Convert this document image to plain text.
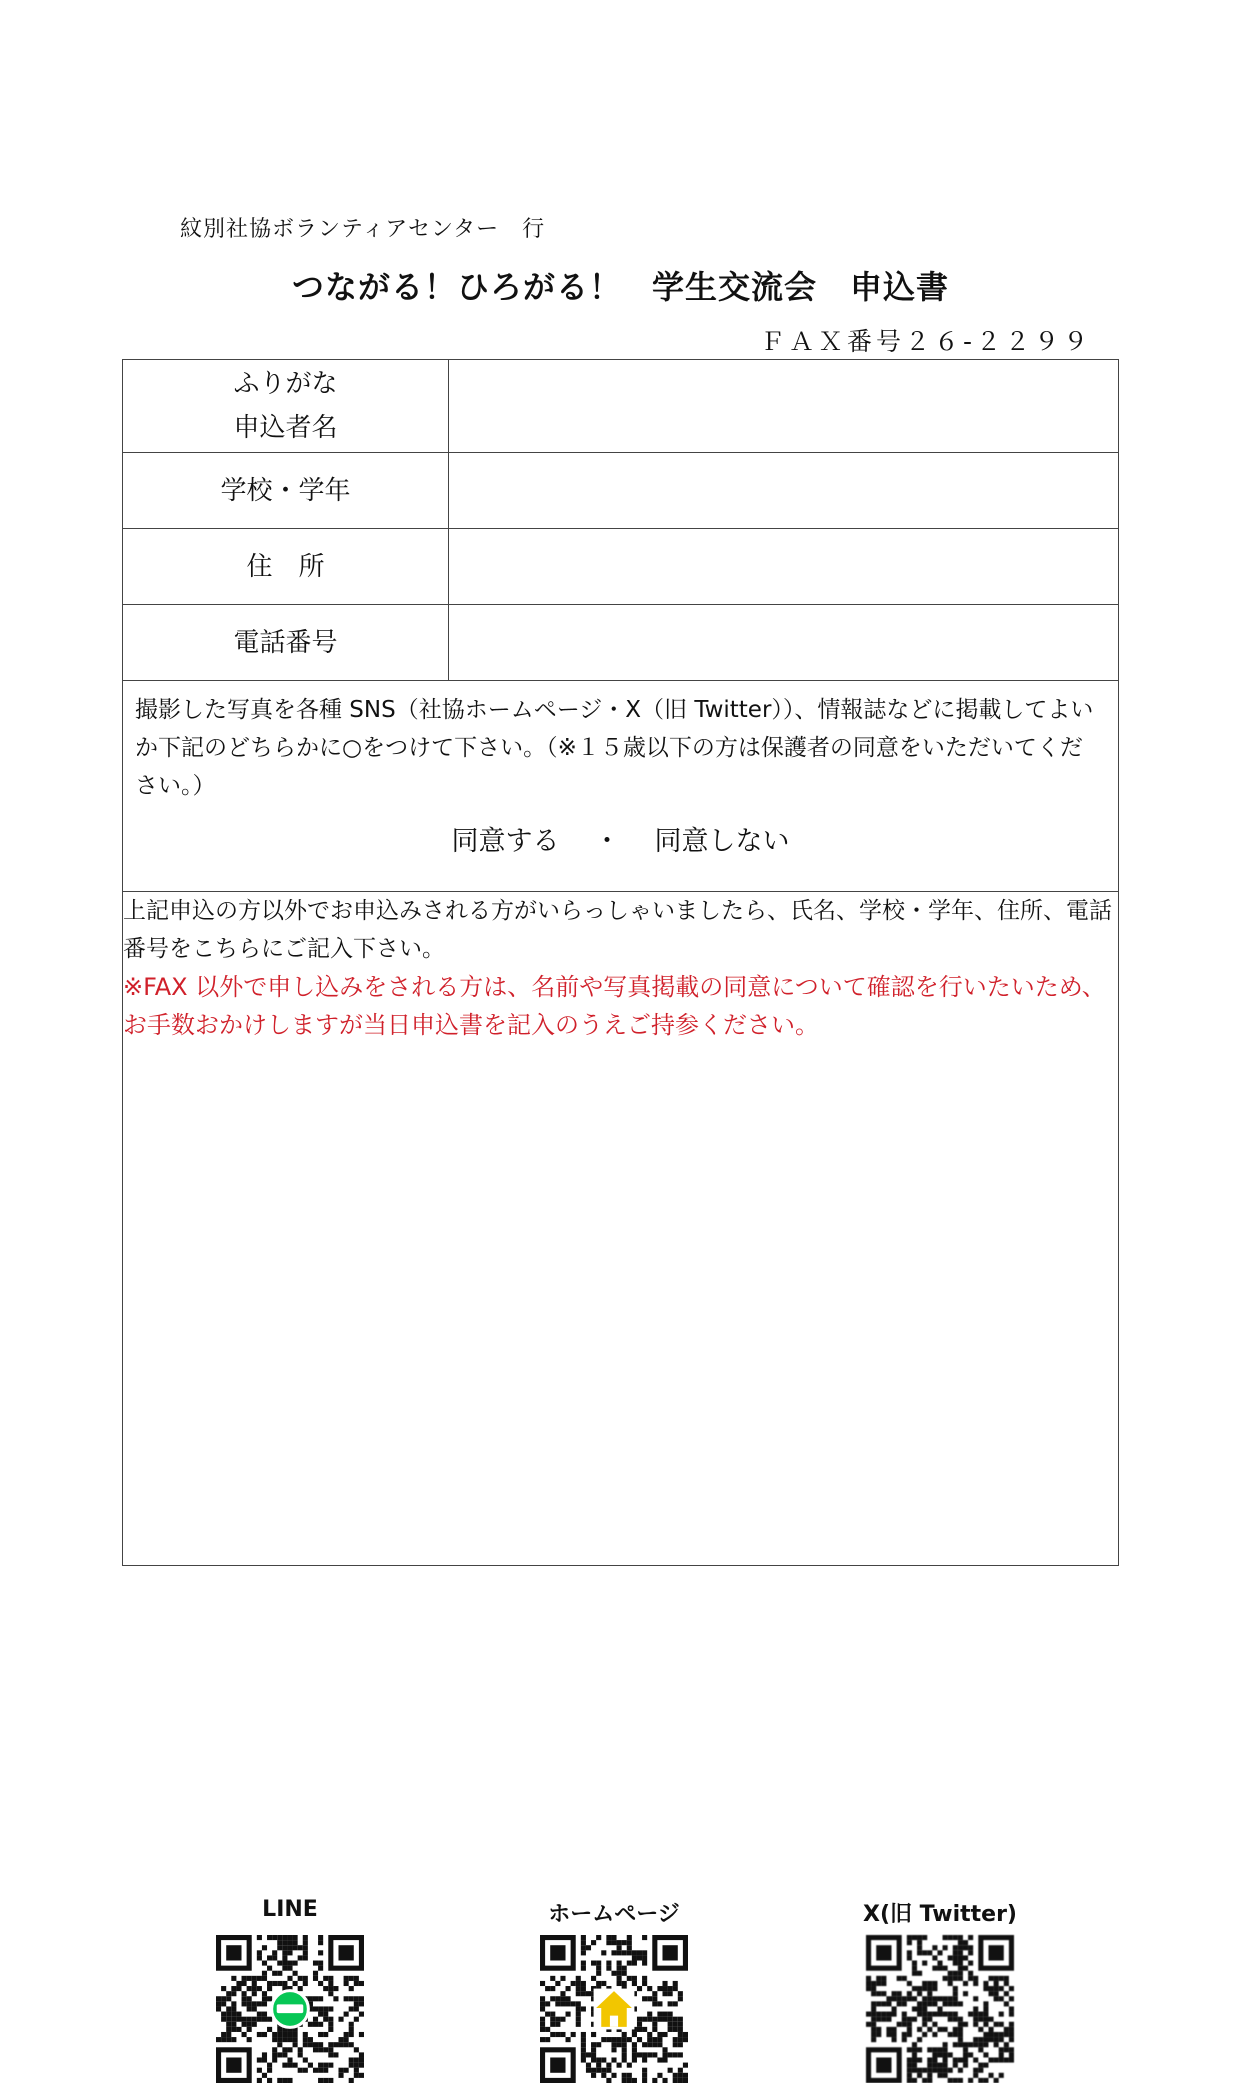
紋別社協ボランティアセンター　行
つながる！ひろがる！ 学生交流会　申込書
ＦＡＸ番号２６-２２９９
ふりがな
申込者名
学校・学年
住　所
電話番号

撮影した写真を各種 SNS（社協ホームページ・X（旧 Twitter））、情報誌などに掲載してよいか下記のどちらかに○をつけて下さい。（※１５歳以下の方は保護者の同意をいただいてください。）

同意する ・ 同意しない

上記申込の方以外でお申込みされる方がいらっしゃいましたら、氏名、学校・学年、住所、電話番号をこちらにご記入下さい。

※FAX 以外で申し込みをされる方は、名前や写真掲載の同意について確認を行いたいため、お手数おかけしますが当日申込書を記入のうえご持参ください。

LINE	ホームページ	X(旧 Twitter)
